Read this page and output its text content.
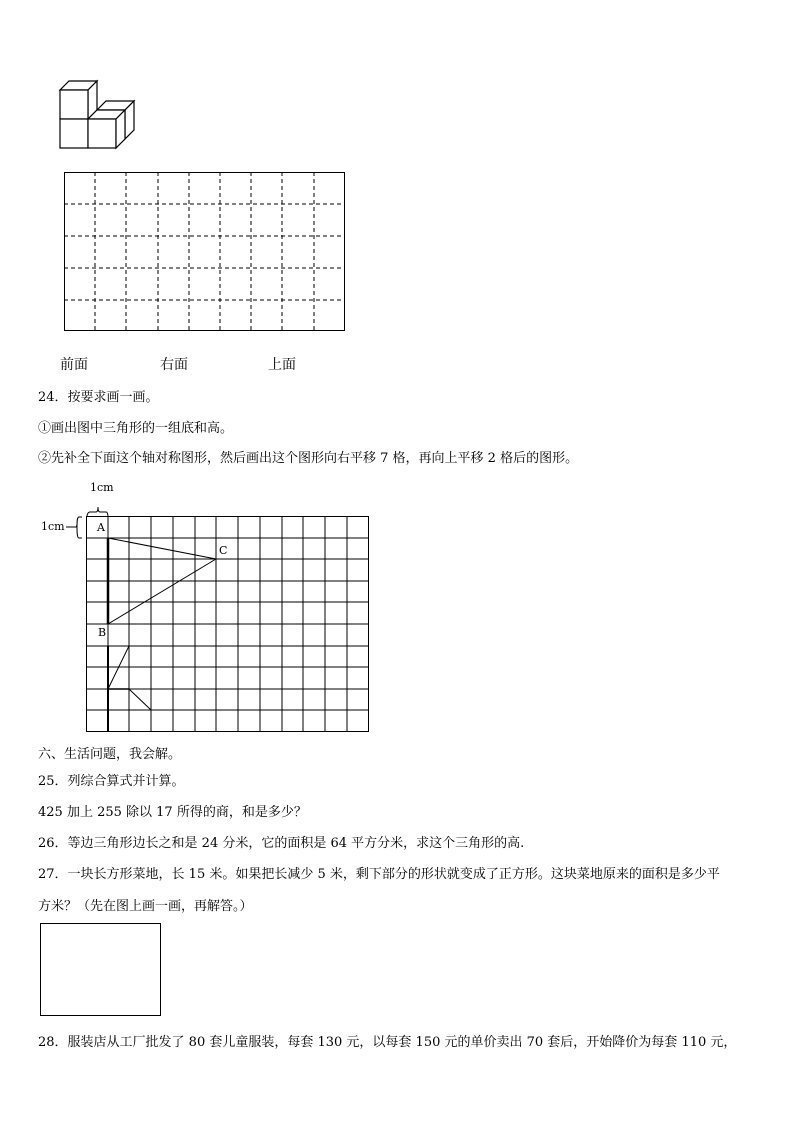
前面	右面	上面
24．按要求画一画。
①画出图中三角形的一组底和高。
②先补全下面这个轴对称图形，然后画出这个图形向右平移 7 格，再向上平移 2 格后的图形。
1cm
1cm	A
B
C
六、生活问题，我会解。
25．列综合算式并计算。
425 加上 255 除以 17 所得的商，和是多少？
26．等边三角形边长之和是 24 分米，它的面积是 64 平方分米，求这个三角形的高.
27．一块长方形菜地，长 15 米。如果把长减少 5 米，剩下部分的形状就变成了正方形。这块菜地原来的面积是多少平
方米？（先在图上画一画，再解答。）
28．服装店从工厂批发了 80 套儿童服装，每套 130 元，以每套 150 元的单价卖出 70 套后，开始降价为每套 110 元，
